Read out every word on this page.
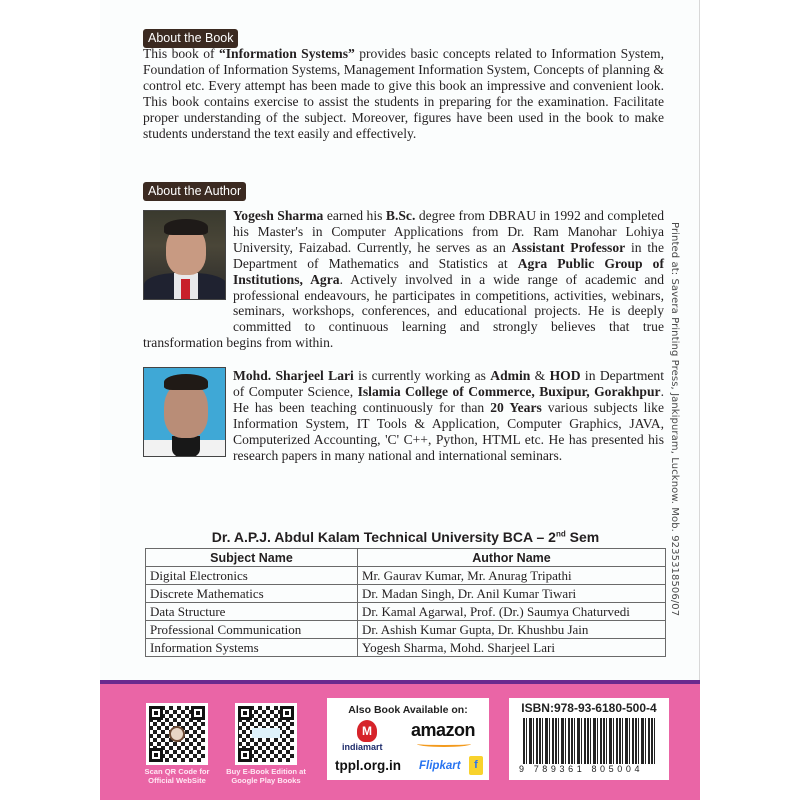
About the Book
This book of “Information Systems” provides basic concepts related to Information System, Foundation of Information Systems, Management Information System, Concepts of planning & control etc. Every attempt has been made to give this book an impressive and convenient look. This book contains exercise to assist the students in preparing for the examination. Facilitate proper understanding of the subject. Moreover, figures have been used in the book to make students understand the text easily and effectively.
About the Author
Yogesh Sharma earned his B.Sc. degree from DBRAU in 1992 and completed his Master's in Computer Applications from Dr. Ram Manohar Lohiya University, Faizabad. Currently, he serves as an Assistant Professor in the Department of Mathematics and Statistics at Agra Public Group of Institutions, Agra. Actively involved in a wide range of academic and professional endeavours, he participates in competitions, activities, webinars, seminars, workshops, conferences, and educational projects. He is deeply committed to continuous learning and strongly believes that true transformation begins from within.
Mohd. Sharjeel Lari is currently working as Admin & HOD in Department of Computer Science, Islamia College of Commerce, Buxipur, Gorakhpur. He has been teaching continuously for than 20 Years various subjects like Information System, IT Tools & Application, Computer Graphics, JAVA, Computerized Accounting, 'C' C++, Python, HTML etc. He has presented his research papers in many national and international seminars.	Printed at: Savera Printing Press, Jankipuram, Lucknow. Mob. 9235318506/07
Dr. A.P.J. Abdul Kalam Technical University BCA – 2nd Sem
Subject Name	Author Name
Digital Electronics	Mr. Gaurav Kumar, Mr. Anurag Tripathi
Discrete Mathematics	Dr. Madan Singh, Dr. Anil Kumar Tiwari
Data Structure	Dr. Kamal Agarwal, Prof. (Dr.) Saumya Chaturvedi
Professional Communication	Dr. Ashish Kumar Gupta, Dr. Khushbu Jain
Information Systems	Yogesh Sharma, Mohd. Sharjeel Lari
Scan QR Code for Official WebSite
Buy E-Book Edition at Google Play Books
Also Book Available on:
M
indiamart
amazon
tppl.org.in Flipkart	f
ISBN:978-93-6180-500-4
9 789361 805004
